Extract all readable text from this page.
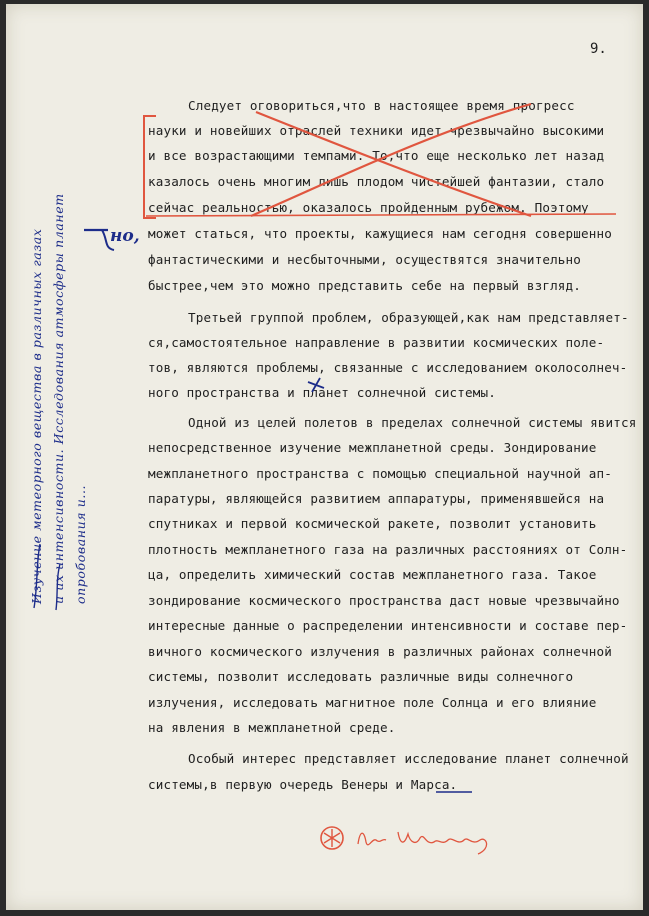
9.
Следует оговориться,что в настоящее время прогресс
науки и новейших отраслей техники идет чрезвычайно высокими
и все возрастающими темпами. То,что еще несколько лет назад
казалось очень многим лишь плодом чистейшей фантазии, стало
сейчас реальностью, оказалось пройденным рубежом. Поэтому
может статься, что проекты, кажущиеся нам сегодня совершенно
фантастическими и несбыточными, осуществятся значительно
быстрее,чем это можно представить себе на первый взгляд.
Третьей группой проблем, образующей,как нам представляет-
ся,самостоятельное направление в развитии космических поле-
тов, являются проблемы, связанные с исследованием околосолнеч-
ного пространства и планет солнечной системы.
Одной из целей полетов в пределах солнечной системы явится
непосредственное изучение межпланетной среды. Зондирование
межпланетного пространства с помощью специальной научной ап-
паратуры, являющейся развитием аппаратуры, применявшейся на
спутниках и первой космической ракете, позволит установить
плотность межпланетного газа на различных расстояниях от Солн-
ца, определить химический состав межпланетного газа. Такое
зондирование космического пространства даст новые чрезвычайно
интересные данные о распределении интенсивности и составе пер-
вичного космического излучения в различных районах солнечной
системы, позволит исследовать различные виды солнечного
излучения, исследовать магнитное поле Солнца и его влияние
на явления в межпланетной среде.
Особый интерес представляет исследование планет солнечной
системы,в первую очередь Венеры и Марса.
но,
Изучение метеорного вещества в различных газах и их интенсивности. Исследования атмосферы планет опробования и...
